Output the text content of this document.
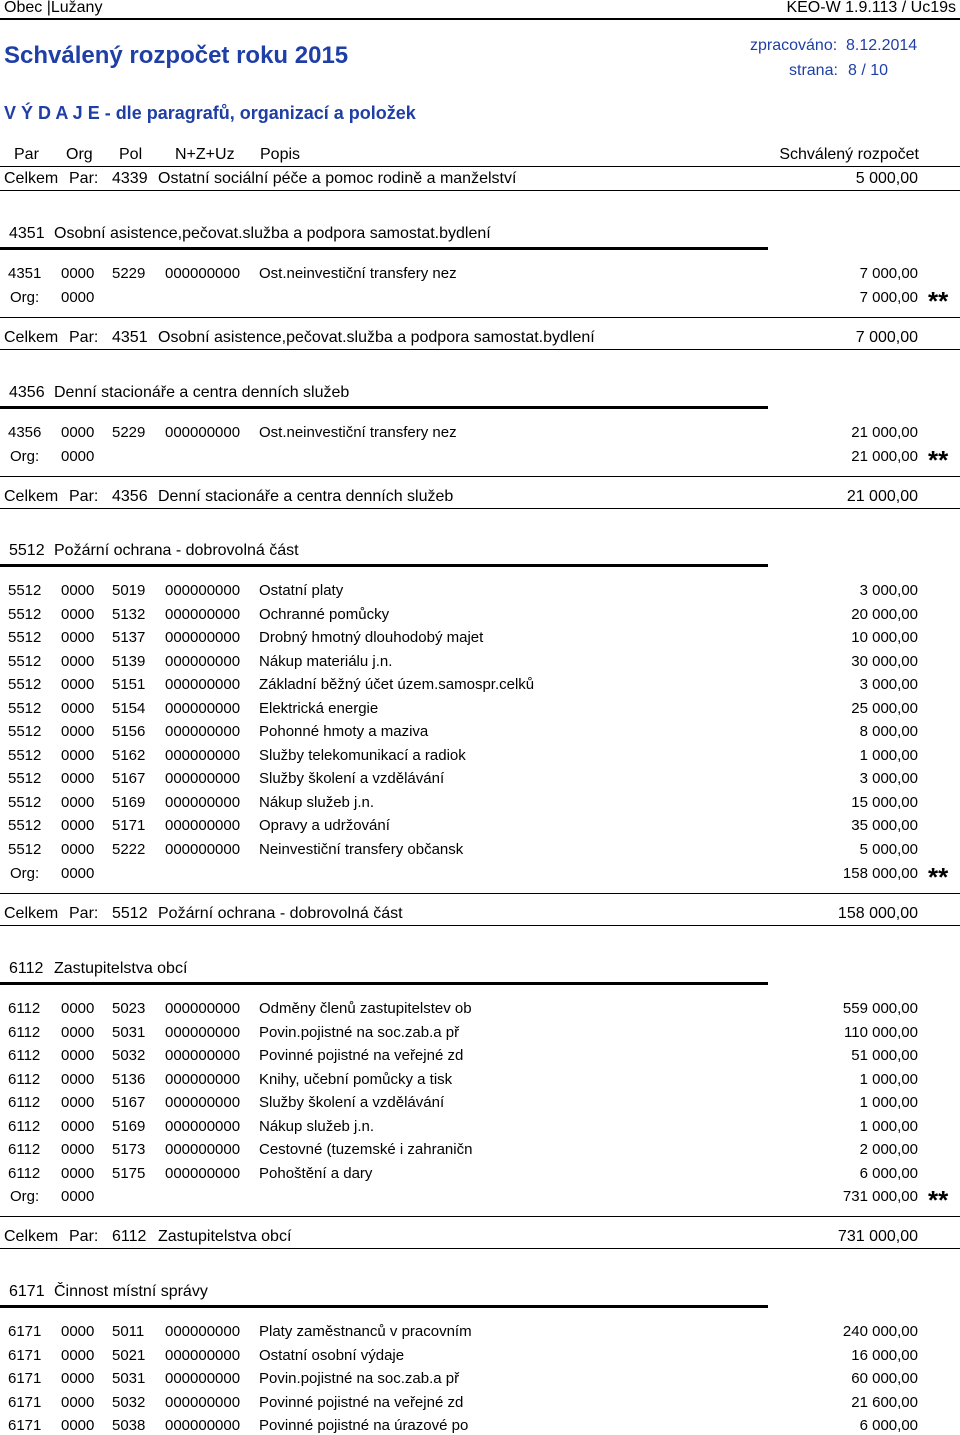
Obec |Lužany	KEO-W 1.9.113 / Uc19s
Schválený rozpočet roku 2015	zpracováno: 8.12.2014
strana: 8 / 10
V Ý D A J E - dle paragrafů, organizací a položek
Par Org Pol N+Z+Uz Popis	Schválený rozpočet
Celkem Par: 4339 Ostatní sociální péče a pomoc rodině a manželství	5 000,00
4351 Osobní asistence,pečovat.služba a podpora samostat.bydlení
4351 0000 5229 000000000 Ost.neinvestiční transfery nez	7 000,00
Org: 0000	7 000,00 **
Celkem Par: 4351 Osobní asistence,pečovat.služba a podpora samostat.bydlení	7 000,00
4356 Denní stacionáře a centra denních služeb
4356 0000 5229 000000000 Ost.neinvestiční transfery nez	21 000,00
Org: 0000	21 000,00 **
Celkem Par: 4356 Denní stacionáře a centra denních služeb	21 000,00
5512 Požární ochrana - dobrovolná část
5512 0000 5019 000000000 Ostatní platy	3 000,00
5512 0000 5132 000000000 Ochranné pomůcky	20 000,00
5512 0000 5137 000000000 Drobný hmotný dlouhodobý majet	10 000,00
5512 0000 5139 000000000 Nákup materiálu j.n.	30 000,00
5512 0000 5151 000000000 Základní běžný účet územ.samospr.celků	3 000,00
5512 0000 5154 000000000 Elektrická energie	25 000,00
5512 0000 5156 000000000 Pohonné hmoty a maziva	8 000,00
5512 0000 5162 000000000 Služby telekomunikací a radiok	1 000,00
5512 0000 5167 000000000 Služby školení a vzdělávání	3 000,00
5512 0000 5169 000000000 Nákup služeb j.n.	15 000,00
5512 0000 5171 000000000 Opravy a udržování	35 000,00
5512 0000 5222 000000000 Neinvestiční transfery občansk	5 000,00
Org: 0000	158 000,00 **
Celkem Par: 5512 Požární ochrana - dobrovolná část	158 000,00
6112 Zastupitelstva obcí
6112 0000 5023 000000000 Odměny členů zastupitelstev ob	559 000,00
6112 0000 5031 000000000 Povin.pojistné na soc.zab.a př	110 000,00
6112 0000 5032 000000000 Povinné pojistné na veřejné zd	51 000,00
6112 0000 5136 000000000 Knihy, učební pomůcky a tisk	1 000,00
6112 0000 5167 000000000 Služby školení a vzdělávání	1 000,00
6112 0000 5169 000000000 Nákup služeb j.n.	1 000,00
6112 0000 5173 000000000 Cestovné (tuzemské i zahraničn	2 000,00
6112 0000 5175 000000000 Pohoštění a dary	6 000,00
Org: 0000	731 000,00 **
Celkem Par: 6112 Zastupitelstva obcí	731 000,00
6171 Činnost místní správy
6171 0000 5011 000000000 Platy zaměstnanců v pracovním	240 000,00
6171 0000 5021 000000000 Ostatní osobní výdaje	16 000,00
6171 0000 5031 000000000 Povin.pojistné na soc.zab.a př	60 000,00
6171 0000 5032 000000000 Povinné pojistné na veřejné zd	21 600,00
6171 0000 5038 000000000 Povinné pojistné na úrazové po	6 000,00
